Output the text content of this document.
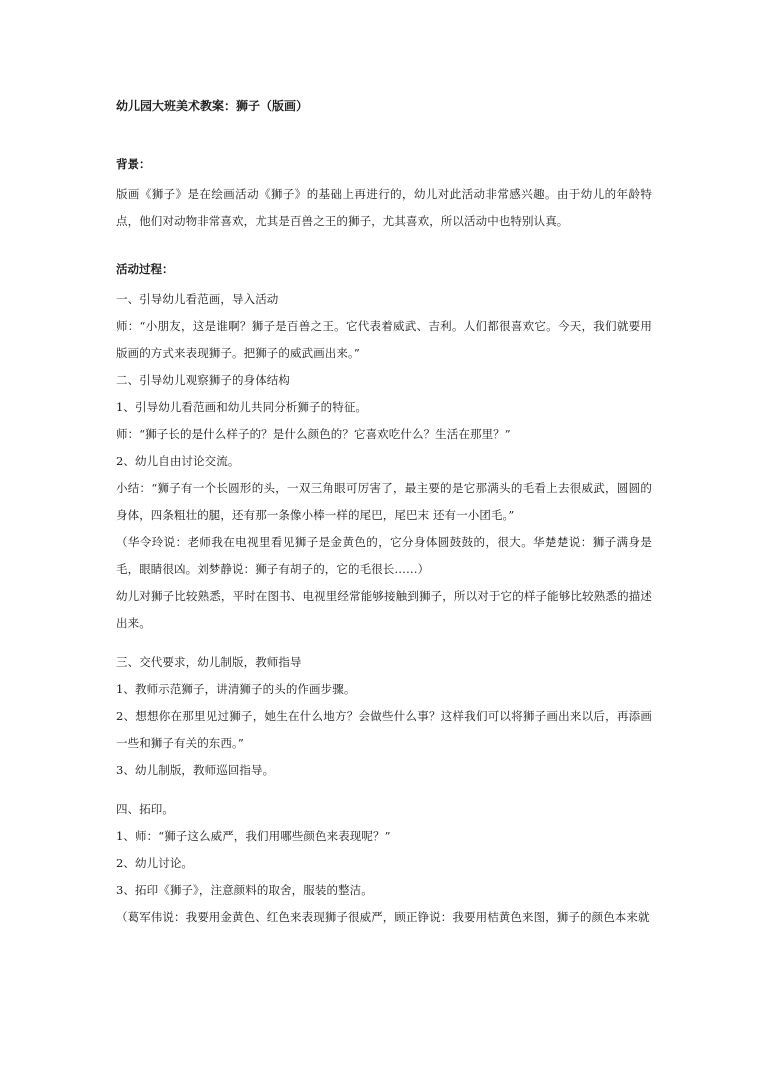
幼儿园大班美术教案：狮子（版画）
背景：

版画《狮子》是在绘画活动《狮子》的基础上再进行的，幼儿对此活动非常感兴趣。由于幼儿的年龄特点，他们对动物非常喜欢，尤其是百兽之王的狮子，尤其喜欢，所以活动中也特别认真。

活动过程：

一、引导幼儿看范画，导入活动

师：“小朋友，这是谁啊？狮子是百兽之王。它代表着威武、吉利。人们都很喜欢它。今天，我们就要用版画的方式来表现狮子。把狮子的威武画出来。”

二、引导幼儿观察狮子的身体结构

1、引导幼儿看范画和幼儿共同分析狮子的特征。

师：“狮子长的是什么样子的？是什么颜色的？它喜欢吃什么？生活在那里？”

2、幼儿自由讨论交流。

小结：“狮子有一个长圆形的头，一双三角眼可厉害了，最主要的是它那满头的毛看上去很威武，圆圆的身体，四条粗壮的腿，还有那一条像小棒一样的尾巴，尾巴末 还有一小团毛。”

（华令玲说：老师我在电视里看见狮子是金黄色的，它分身体圆鼓鼓的，很大。华楚楚说：狮子满身是毛，眼睛很凶。刘梦静说：狮子有胡子的，它的毛很长……）

幼儿对狮子比较熟悉，平时在图书、电视里经常能够接触到狮子，所以对于它的样子能够比较熟悉的描述出来。

三、交代要求，幼儿制版，教师指导

1、教师示范狮子，讲清狮子的头的作画步骤。

2、想想你在那里见过狮子，她生在什么地方？会做些什么事？这样我们可以将狮子画出来以后，再添画一些和狮子有关的东西。”

3、幼儿制版，教师巡回指导。

四、拓印。

1、师：“狮子这么威严，我们用哪些颜色来表现呢？”

2、幼儿讨论。

3、拓印《狮子》，注意颜料的取舍，服装的整洁。

（葛军伟说：我要用金黄色、红色来表现狮子很威严，顾正铮说：我要用桔黄色来图，狮子的颜色本来就
